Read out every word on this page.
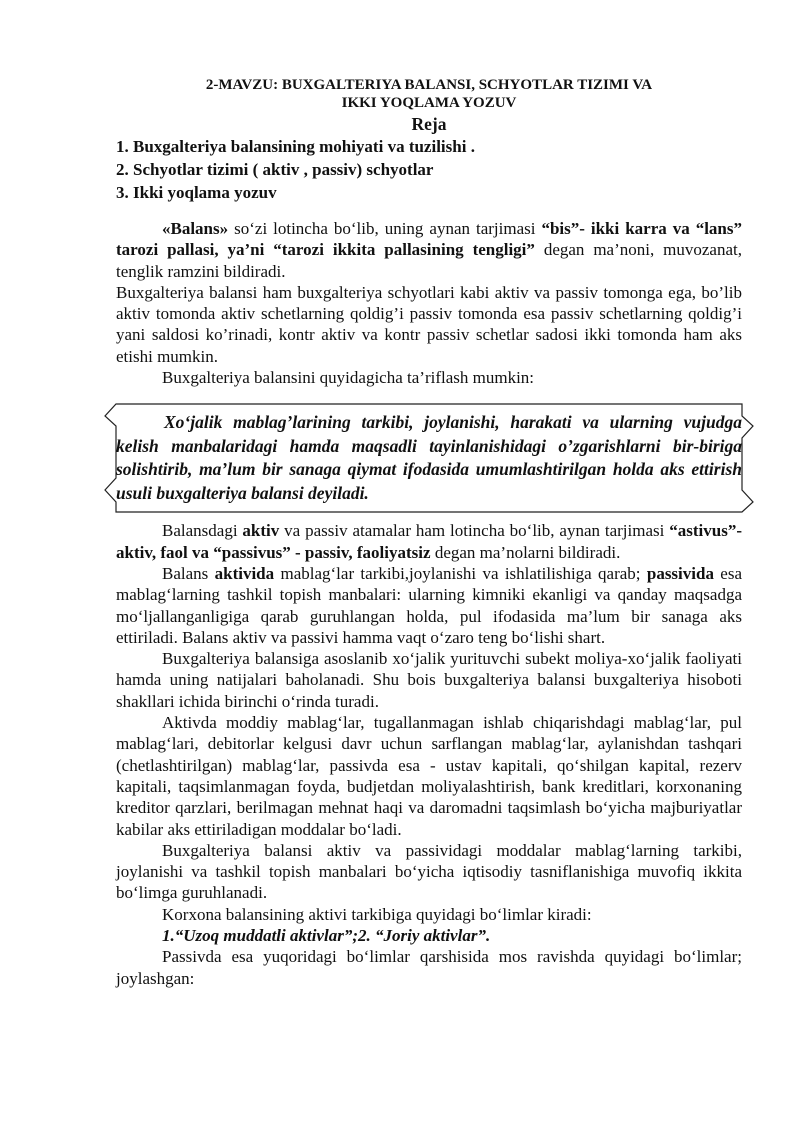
2-MAVZU: BUXGALTERIYA BALANSI, SCHYOTLAR TIZIMI VA
IKKI YOQLAMA YOZUV
Reja
1. Buxgalteriya balansining mohiyati va tuzilishi .
2. Schyotlar tizimi ( aktiv , passiv) schyotlar
3. Ikki yoqlama yozuv

«Balans» so‘zi lotincha bo‘lib, uning aynan tarjimasi “bis”- ikki karra va “lans” tarozi pallasi, ya’ni “tarozi ikkita pallasining tengligi” degan ma’noni, muvozanat, tenglik ramzini bildiradi.

Buxgalteriya balansi ham buxgalteriya schyotlari kabi aktiv va passiv tomonga ega, bo’lib aktiv tomonda aktiv schetlarning qoldig’i passiv tomonda esa passiv schetlarning qoldig’i yani saldosi ko’rinadi, kontr aktiv va kontr passiv schetlar sadosi ikki tomonda ham aks etishi mumkin.

Buxgalteriya balansini quyidagicha ta’riflash mumkin:

Xo‘jalik mablag’larining tarkibi, joylanishi, harakati va ularning vujudga kelish manbalaridagi hamda maqsadli tayinlanishidagi o’zgarishlarni bir-biriga solishtirib, ma’lum bir sanaga qiymat ifodasida umumlashtirilgan holda aks ettirish usuli buxgalteriya balansi deyiladi.

Balansdagi aktiv va passiv atamalar ham lotincha bo‘lib, aynan tarjimasi “astivus”- aktiv, faol va “passivus” - passiv, faoliyatsiz degan ma’nolarni bildiradi.

Balans aktivida mablag‘lar tarkibi,joylanishi va ishlatilishiga qarab; passivida esa mablag‘larning tashkil topish manbalari: ularning kimniki ekanligi va qanday maqsadga mo‘ljallanganligiga qarab guruhlangan holda, pul ifodasida ma’lum bir sanaga aks ettiriladi. Balans aktiv va passivi hamma vaqt o‘zaro teng bo‘lishi shart.

Buxgalteriya balansiga asoslanib xo‘jalik yurituvchi subekt moliya-xo‘jalik faoliyati hamda uning natijalari baholanadi. Shu bois buxgalteriya balansi buxgalteriya hisoboti shakllari ichida birinchi o‘rinda turadi.

Aktivda moddiy mablag‘lar, tugallanmagan ishlab chiqarishdagi mablag‘lar, pul mablag‘lari, debitorlar kelgusi davr uchun sarflangan mablag‘lar, aylanishdan tashqari (chetlashtirilgan) mablag‘lar, passivda esa - ustav kapitali, qo‘shilgan kapital, rezerv kapitali, taqsimlanmagan foyda, budjetdan moliyalashtirish, bank kreditlari, korxonaning kreditor qarzlari, berilmagan mehnat haqi va daromadni taqsimlash bo‘yicha majburiyatlar kabilar aks ettiriladigan moddalar bo‘ladi.

Buxgalteriya balansi aktiv va passividagi moddalar mablag‘larning tarkibi, joylanishi va tashkil topish manbalari bo‘yicha iqtisodiy tasniflanishiga muvofiq ikkita bo‘limga guruhlanadi.

Korxona balansining aktivi tarkibiga quyidagi bo‘limlar kiradi:

1.“Uzoq muddatli aktivlar”;2. “Joriy aktivlar”.

Passivda esa yuqoridagi bo‘limlar qarshisida mos ravishda quyidagi bo‘limlar; joylashgan:
